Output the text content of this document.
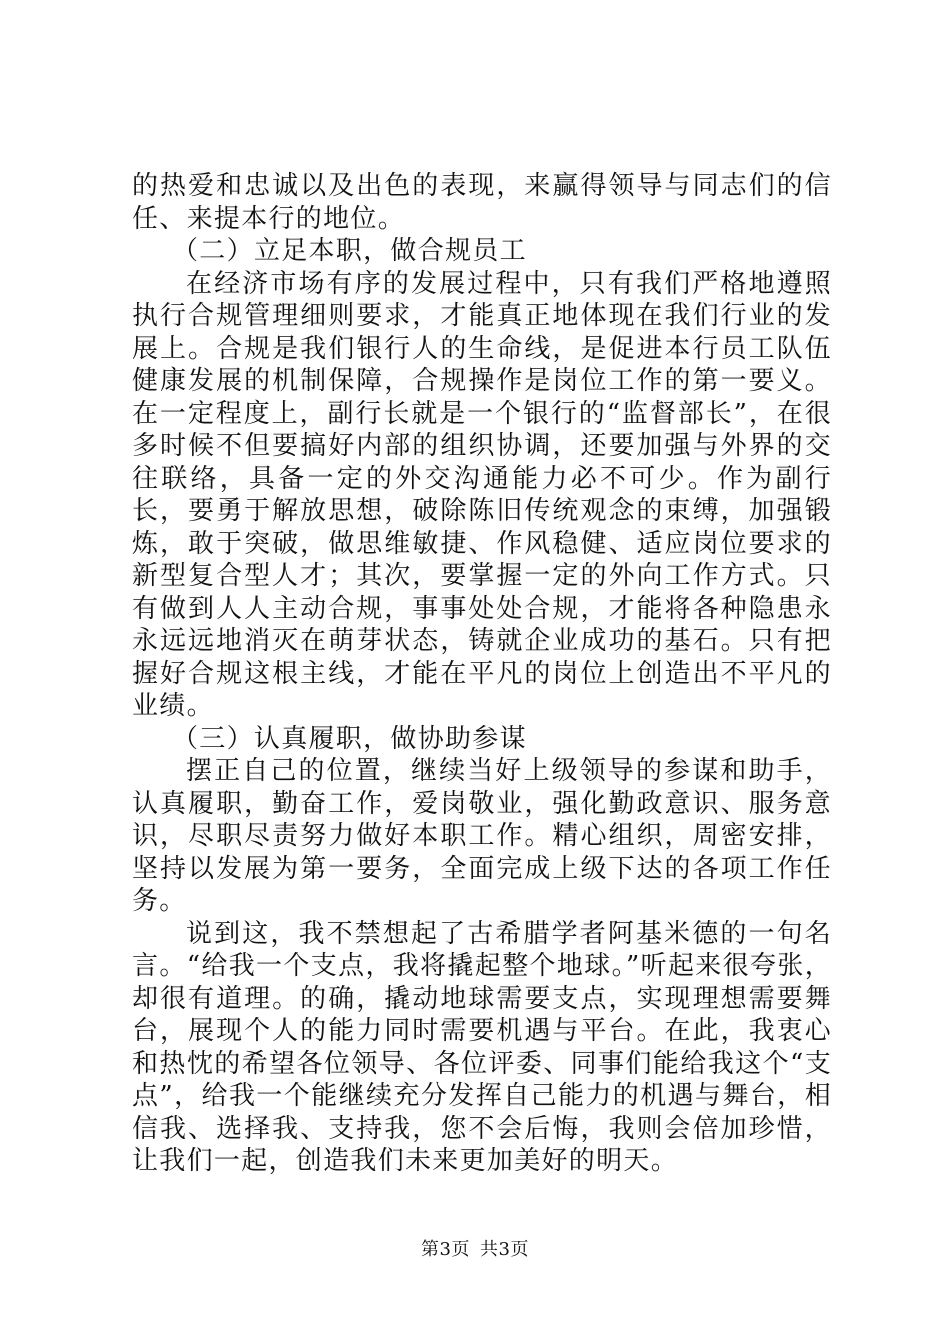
的热爱和忠诚以及出色的表现，来赢得领导与同志们的信任、来提本行的地位。

（二）立足本职，做合规员工

在经济市场有序的发展过程中，只有我们严格地遵照执行合规管理细则要求，才能真正地体现在我们行业的发展上。合规是我们银行人的生命线，是促进本行员工队伍健康发展的机制保障，合规操作是岗位工作的第一要义。在一定程度上，副行长就是一个银行的“监督部长”，在很多时候不但要搞好内部的组织协调，还要加强与外界的交往联络，具备一定的外交沟通能力必不可少。作为副行长，要勇于解放思想，破除陈旧传统观念的束缚，加强锻炼，敢于突破，做思维敏捷、作风稳健、适应岗位要求的新型复合型人才；其次，要掌握一定的外向工作方式。只有做到人人主动合规，事事处处合规，才能将各种隐患永永远远地消灭在萌芽状态，铸就企业成功的基石。只有把握好合规这根主线，才能在平凡的岗位上创造出不平凡的业绩。

（三）认真履职，做协助参谋

摆正自己的位置，继续当好上级领导的参谋和助手，认真履职，勤奋工作，爱岗敬业，强化勤政意识、服务意识，尽职尽责努力做好本职工作。精心组织，周密安排，坚持以发展为第一要务，全面完成上级下达的各项工作任务。

说到这，我不禁想起了古希腊学者阿基米德的一句名言。“给我一个支点，我将撬起整个地球。”听起来很夸张，却很有道理。的确，撬动地球需要支点，实现理想需要舞台，展现个人的能力同时需要机遇与平台。在此，我衷心和热忱的希望各位领导、各位评委、同事们能给我这个“支点”，给我一个能继续充分发挥自己能力的机遇与舞台，相信我、选择我、支持我，您不会后悔，我则会倍加珍惜，让我们一起，创造我们未来更加美好的明天。

第3页 共3页
